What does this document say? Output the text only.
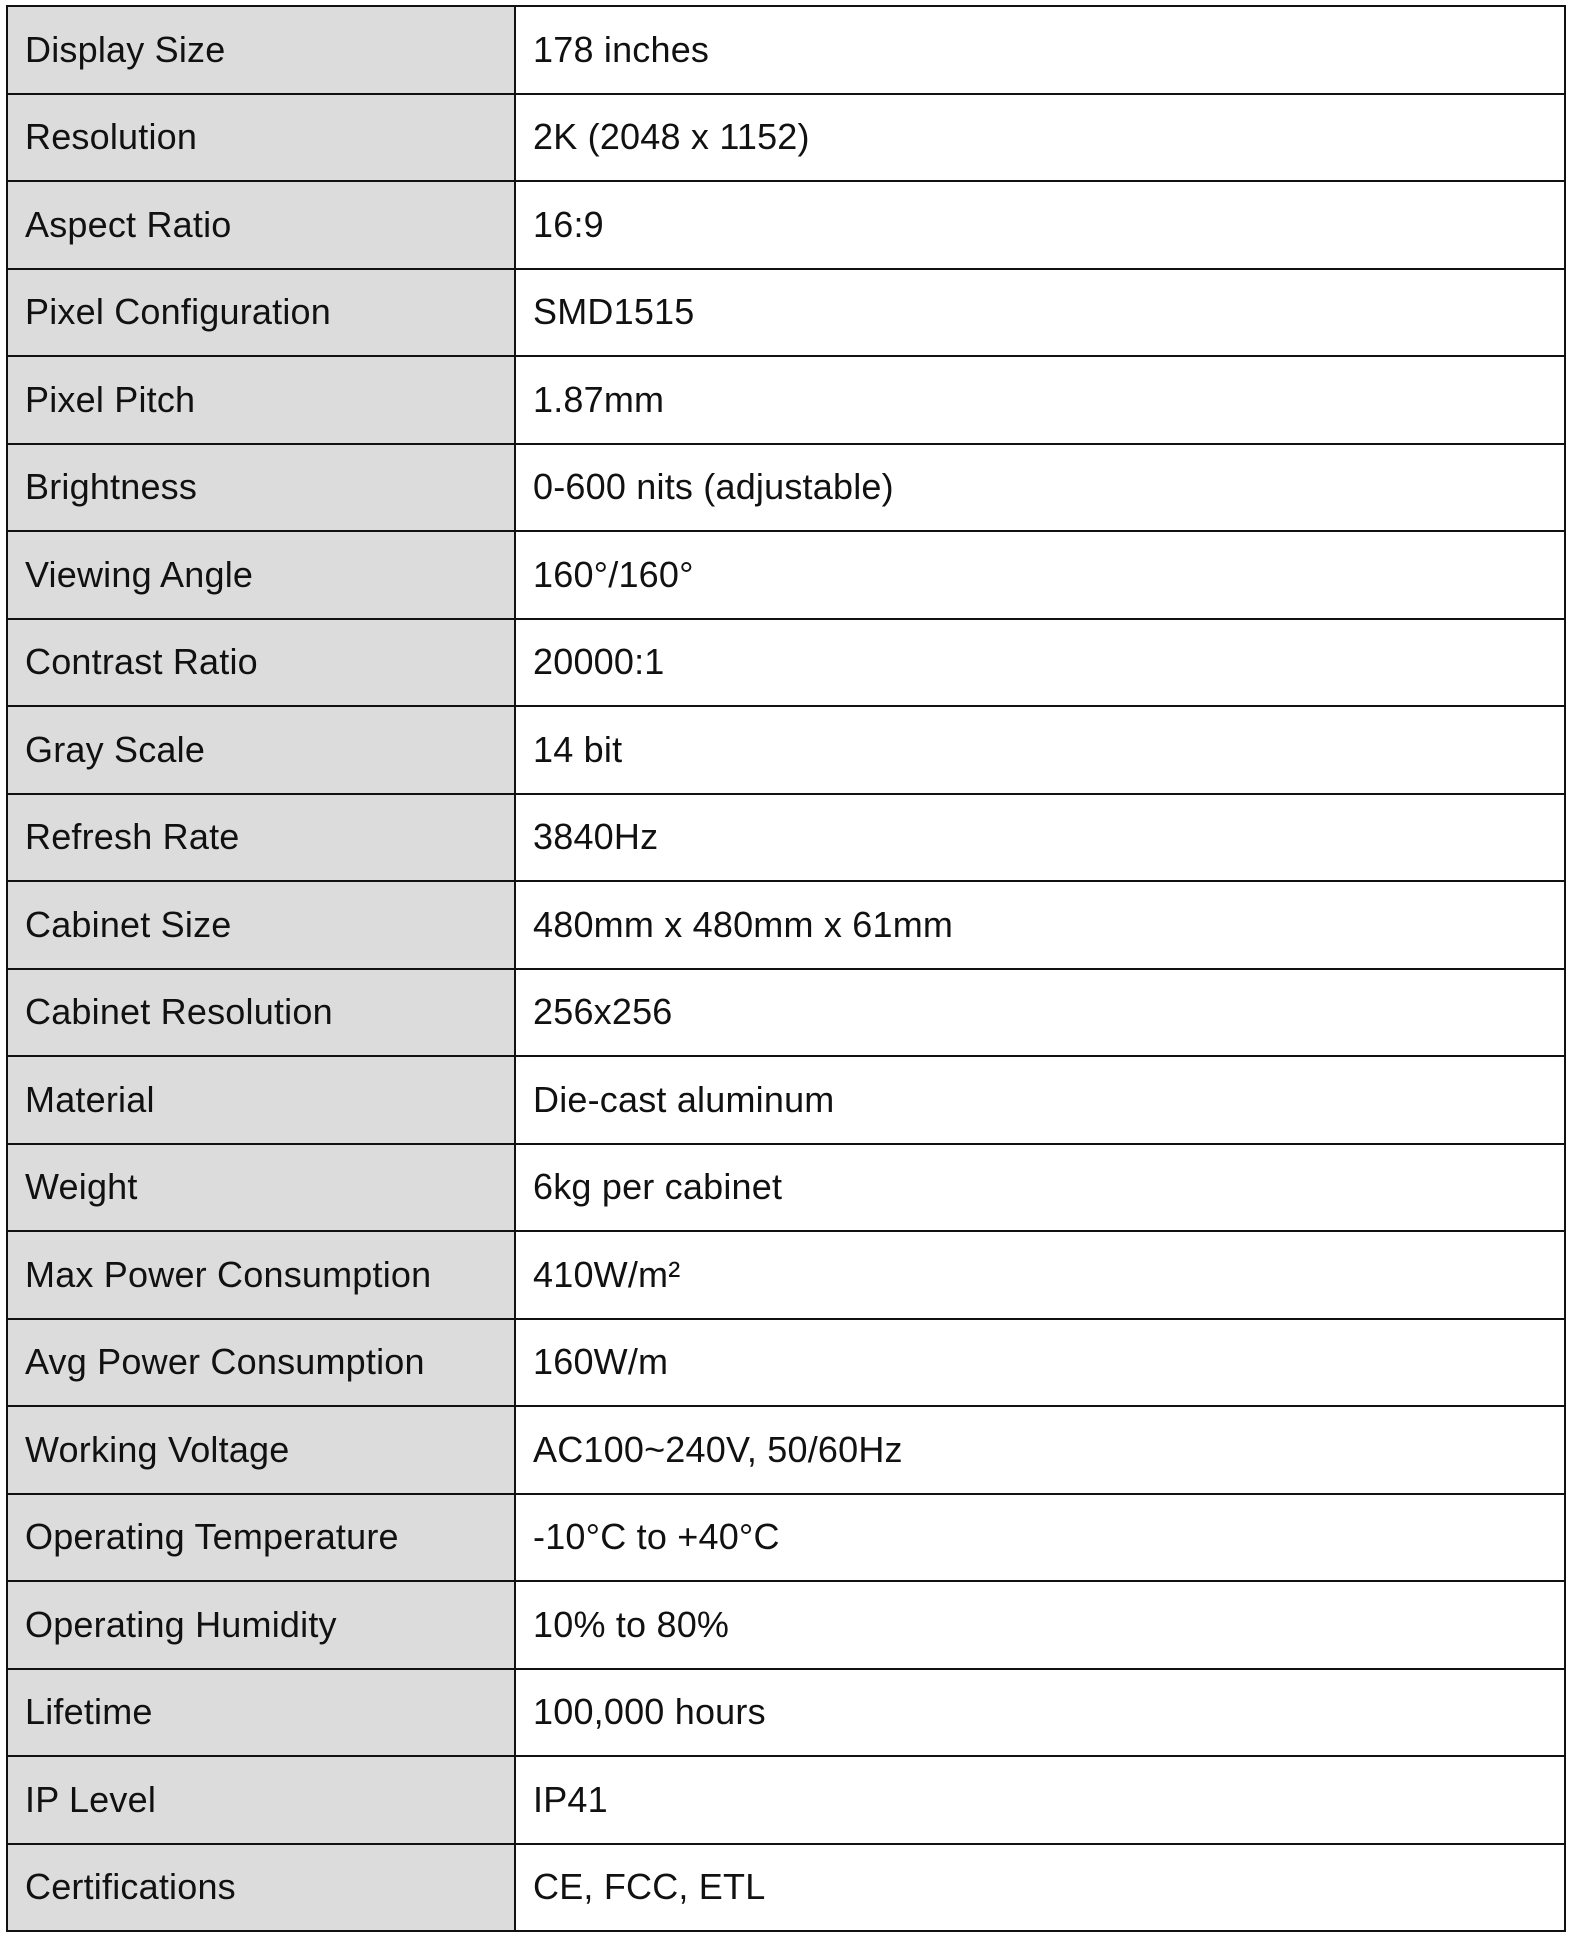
Display Size	178 inches
Resolution	2K (2048 x 1152)
Aspect Ratio	16:9
Pixel Configuration	SMD1515
Pixel Pitch	1.87mm
Brightness	0-600 nits (adjustable)
Viewing Angle	160°/160°
Contrast Ratio	20000:1
Gray Scale	14 bit
Refresh Rate	3840Hz
Cabinet Size	480mm x 480mm x 61mm
Cabinet Resolution	256x256
Material	Die-cast aluminum
Weight	6kg per cabinet
Max Power Consumption	410W/m²
Avg Power Consumption	160W/m
Working Voltage	AC100~240V, 50/60Hz
Operating Temperature	-10°C to +40°C
Operating Humidity	10% to 80%
Lifetime	100,000 hours
IP Level	IP41
Certifications	CE, FCC, ETL
